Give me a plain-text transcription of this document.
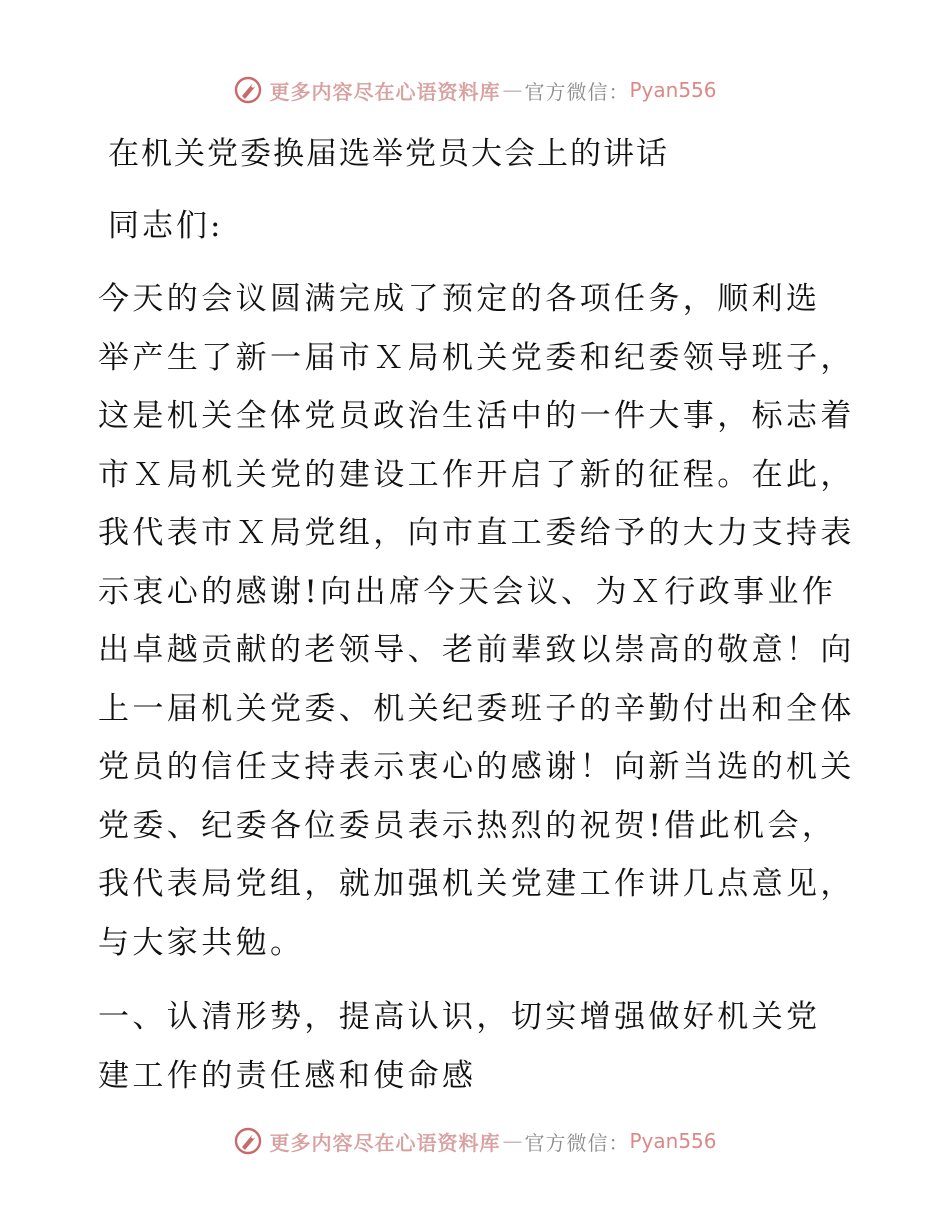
更多内容尽在心语资料库 — 官方微信： Pyan556

在机关党委换届选举党员大会上的讲话

同志们:

今天的会议圆满完成了预定的各项任务，顺利选
举产生了新一届市Ｘ局机关党委和纪委领导班子，
这是机关全体党员政治生活中的一件大事，标志着
市Ｘ局机关党的建设工作开启了新的征程。在此，
我代表市Ｘ局党组，向市直工委给予的大力支持表
示衷心的感谢!向出席今天会议、为Ｘ行政事业作
出卓越贡献的老领导、老前辈致以崇高的敬意！向
上一届机关党委、机关纪委班子的辛勤付出和全体
党员的信任支持表示衷心的感谢！向新当选的机关
党委、纪委各位委员表示热烈的祝贺!借此机会，
我代表局党组，就加强机关党建工作讲几点意见，
与大家共勉。
一、认清形势，提高认识，切实增强做好机关党
建工作的责任感和使命感
更多内容尽在心语资料库 — 官方微信： Pyan556
